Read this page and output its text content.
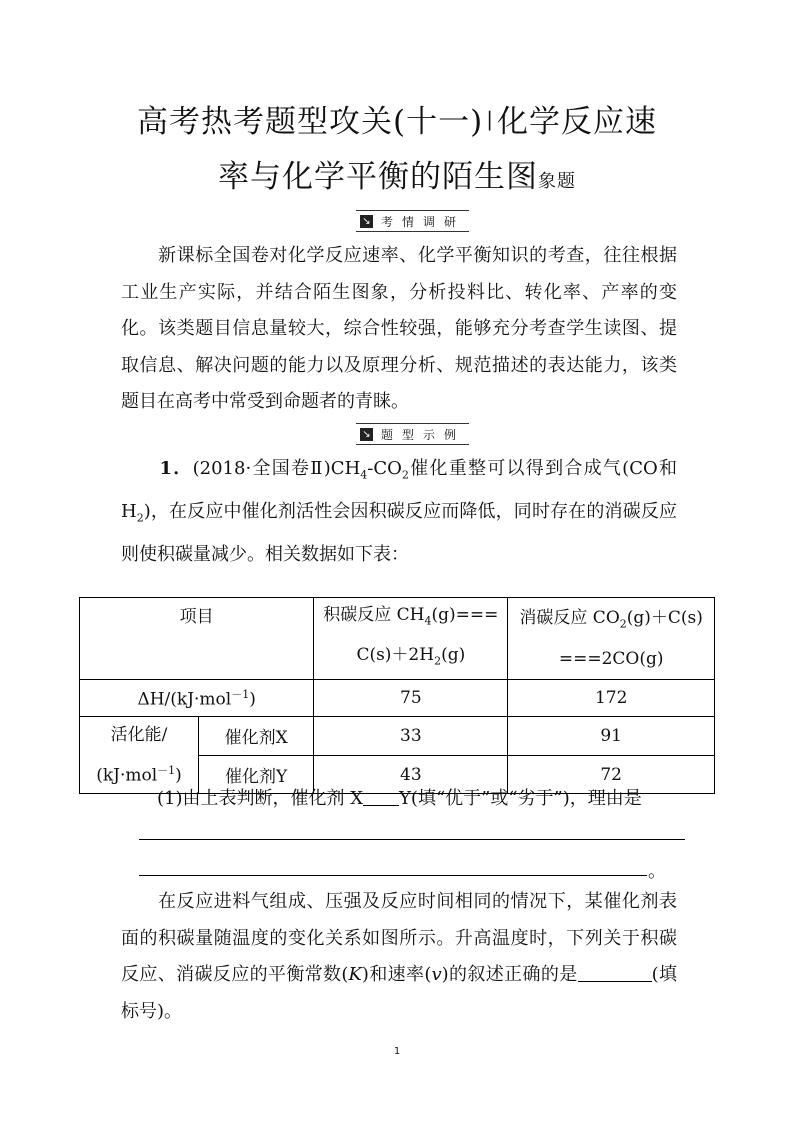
高考热考题型攻关(十一) |化学反应速
率与化学平衡的陌生图象题
↘ 考情调研
　　新课标全国卷对化学反应速率、化学平衡知识的考查，往往根据工业生产实际，并结合陌生图象，分析投料比、转化率、产率的变化。该类题目信息量较大，综合性较强，能够充分考查学生读图、提取信息、解决问题的能力以及原理分析、规范描述的表达能力，该类题目在高考中常受到命题者的青睐。
↘ 题型示例
　　1．(2018·全国卷$Ⅱ)CH_4-CO_2$催化重整可以得到合成气(CO和$H_2$)，在反应中催化剂活性会因积碳反应而降低，同时存在的消碳反应则使积碳量减少。相关数据如下表：
项目		积碳反应 $CH_4(g)===$
$C(s)+2H_2(g)$	消碳反应 $CO_2(g)+C(s)$
===2CO(g)
ΔH/(kJ·mol$^{-1}$)		75	172
活化能/
(kJ·mol$^{-1}$)	催化剂X	33	91
	催化剂Y	43	72
　　(1)由上表判断，催化剂 X Y(填“优于”或“劣于”)，理由是
。
　　在反应进料气组成、压强及反应时间相同的情况下，某催化剂表面的积碳量随温度的变化关系如图所示。升高温度时，下列关于积碳反应、消碳反应的平衡常数(K)和速率(v)的叙述正确的是	(填标号)。
1
